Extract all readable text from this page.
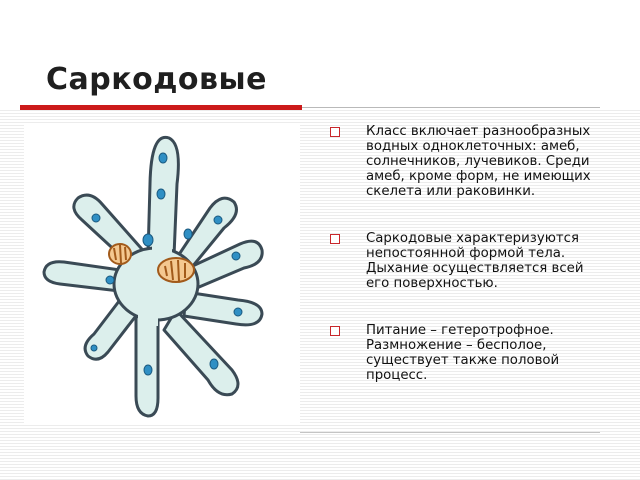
Саркодовые
Класс включает разнообразных водных одноклеточных: амеб, солнечников, лучевиков. Среди амеб, кроме форм, не имеющих скелета или раковинки.
Саркодовые характеризуются непостоянной формой тела. Дыхание осуществляется всей его поверхностью.
Питание – гетеротрофное. Размножение – бесполое, существует также половой процесс.
